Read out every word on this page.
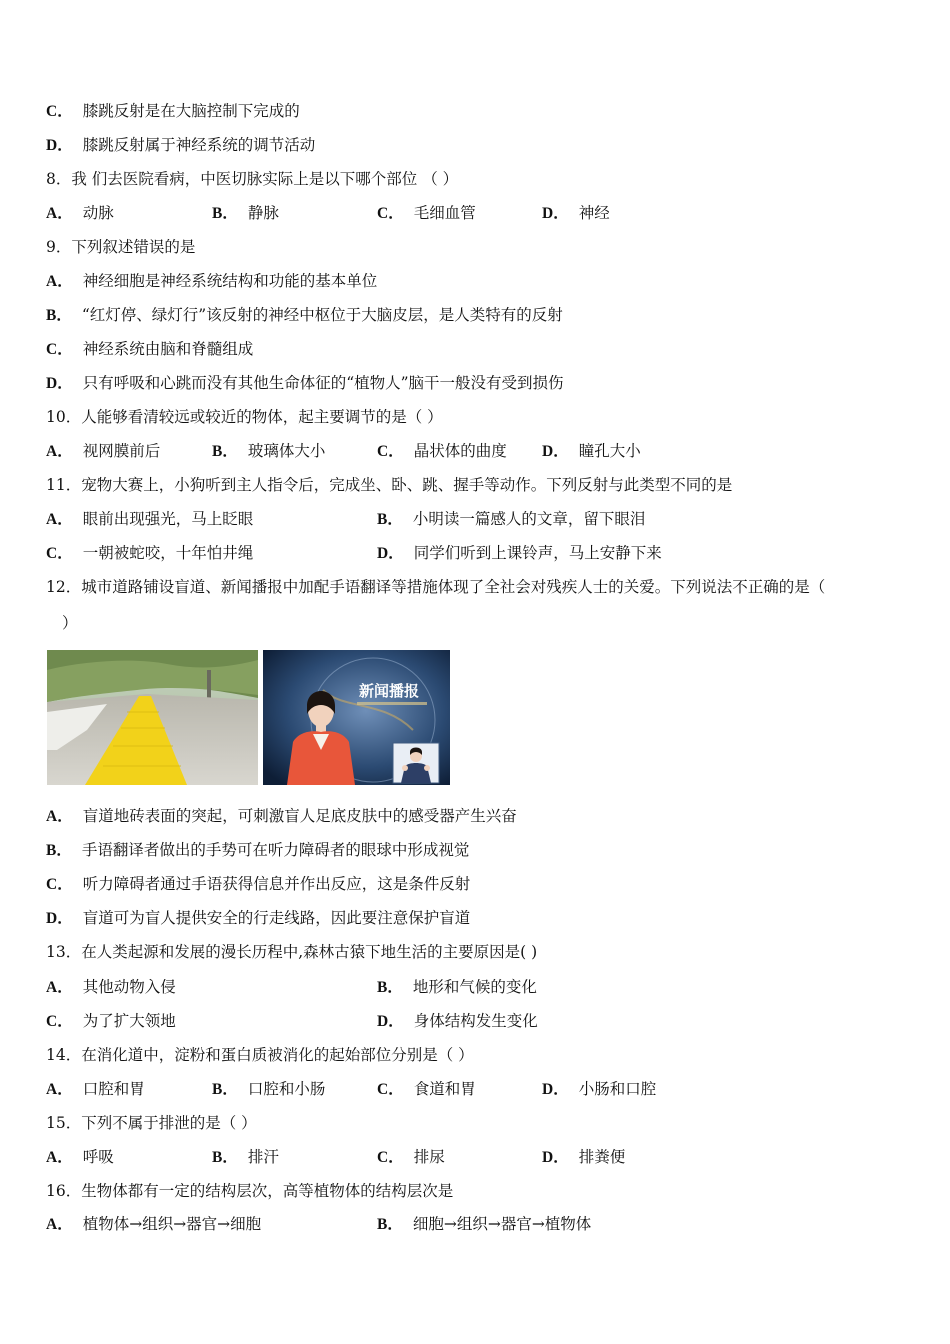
C． 膝跳反射是在大脑控制下完成的
D． 膝跳反射属于神经系统的调节活动
8．我 们去医院看病，中医切脉实际上是以下哪个部位 （ ）
A． 动脉	B． 静脉	C． 毛细血管	D． 神经
9．下列叙述错误的是
A． 神经细胞是神经系统结构和功能的基本单位
B． “红灯停、绿灯行”该反射的神经中枢位于大脑皮层，是人类特有的反射
C． 神经系统由脑和脊髓组成
D． 只有呼吸和心跳而没有其他生命体征的“植物人”脑干一般没有受到损伤
10．人能够看清较远或较近的物体，起主要调节的是（ ）
A． 视网膜前后	B． 玻璃体大小	C． 晶状体的曲度 D． 瞳孔大小
11．宠物大赛上，小狗听到主人指令后，完成坐、卧、跳、握手等动作。下列反射与此类型不同的是
A． 眼前出现强光，马上眨眼	B． 小明读一篇感人的文章，留下眼泪
C． 一朝被蛇咬，十年怕井绳	D． 同学们听到上课铃声，马上安静下来
12．城市道路铺设盲道、新闻播报中加配手语翻译等措施体现了全社会对残疾人士的关爱。下列说法不正确的是（
）
新闻播报
A． 盲道地砖表面的突起，可刺激盲人足底皮肤中的感受器产生兴奋
B． 手语翻译者做出的手势可在听力障碍者的眼球中形成视觉
C． 听力障碍者通过手语获得信息并作出反应，这是条件反射
D． 盲道可为盲人提供安全的行走线路，因此要注意保护盲道
13．在人类起源和发展的漫长历程中,森林古猿下地生活的主要原因是( )
A． 其他动物入侵	B． 地形和气候的变化
C． 为了扩大领地	D． 身体结构发生变化
14．在消化道中，淀粉和蛋白质被消化的起始部位分别是（ ）
A． 口腔和胃	B． 口腔和小肠	C． 食道和胃	D． 小肠和口腔
15．下列不属于排泄的是（ ）
A． 呼吸	B． 排汗	C． 排尿	D． 排粪便
16．生物体都有一定的结构层次，高等植物体的结构层次是
A． 植物体→组织→器官→细胞	B． 细胞→组织→器官→植物体
